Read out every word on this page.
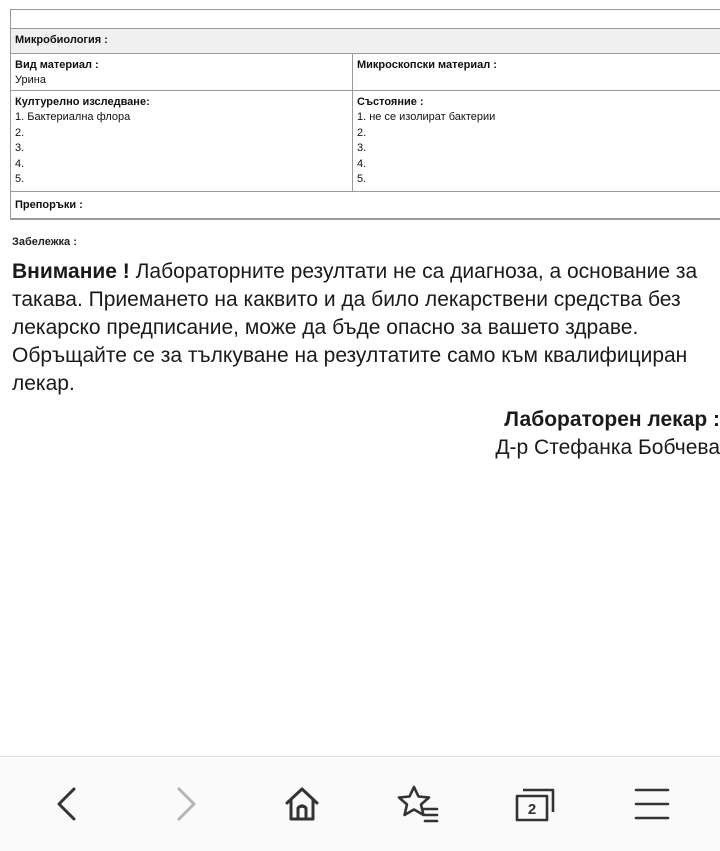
Микробиология :
Вид материал :
Урина
Микроскопски материал :

Културелно изследване:
1. Бактериална флора
2.
3.
4.
5.
Състояние :
1. не се изолират бактерии
2.
3.
4.
5.
Препоръки :
Забележка :
Внимание ! Лабораторните резултати не са диагноза, а основание за такава. Приемането на каквито и да било лекарствени средства без лекарско предписание, може да бъде опасно за вашето здраве. Обръщайте се за тълкуване на резултатите само към квалифициран лекар.
Лабораторен лекар :
Д-р Стефанка Бобчева
2
